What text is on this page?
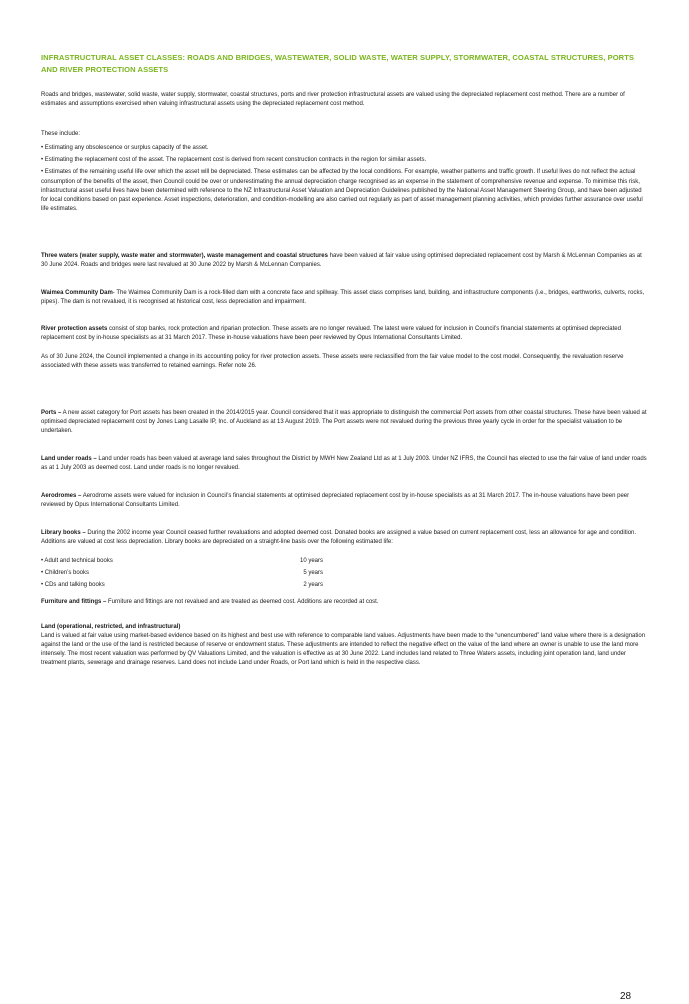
INFRASTRUCTURAL ASSET CLASSES: ROADS AND BRIDGES, WASTEWATER, SOLID WASTE, WATER SUPPLY, STORMWATER, COASTAL STRUCTURES, PORTS AND RIVER PROTECTION ASSETS

Roads and bridges, wastewater, solid waste, water supply, stormwater, coastal structures, ports and river protection infrastructural assets are valued using the depreciated replacement cost method. There are a number of estimates and assumptions exercised when valuing infrastructural assets using the depreciated replacement cost method.

These include:

• Estimating any obsolescence or surplus capacity of the asset.

• Estimating the replacement cost of the asset. The replacement cost is derived from recent construction contracts in the region for similar assets.

• Estimates of the remaining useful life over which the asset will be depreciated. These estimates can be affected by the local conditions. For example, weather patterns and traffic growth. If useful lives do not reflect the actual consumption of the benefits of the asset, then Council could be over or underestimating the annual depreciation charge recognised as an expense in the statement of comprehensive revenue and expense. To minimise this risk, infrastructural asset useful lives have been determined with reference to the NZ Infrastructural Asset Valuation and Depreciation Guidelines published by the National Asset Management Steering Group, and have been adjusted for local conditions based on past experience. Asset inspections, deterioration, and condition-modelling are also carried out regularly as part of asset management planning activities, which provides further assurance over useful life estimates.

Three waters (water supply, waste water and stormwater), waste management and coastal structures have been valued at fair value using optimised depreciated replacement cost by Marsh & McLennan Companies as at 30 June 2024. Roads and bridges were last revalued at 30 June 2022 by Marsh & McLennan Companies.

Waimea Community Dam- The Waimea Community Dam is a rock-filled dam with a concrete face and spillway. This asset class comprises land, building, and infrastructure components (i.e., bridges, earthworks, culverts, rocks, pipes). The dam is not revalued, it is recognised at historical cost, less depreciation and impairment.

River protection assets consist of stop banks, rock protection and riparian protection. These assets are no longer revalued. The latest were valued for inclusion in Council’s financial statements at optimised depreciated replacement cost by in-house specialists as at 31 March 2017. These in-house valuations have been peer reviewed by Opus International Consultants Limited.

As of 30 June 2024, the Council implemented a change in its accounting policy for river protection assets. These assets were reclassified from the fair value model to the cost model. Consequently, the revaluation reserve associated with these assets was transferred to retained earnings. Refer note 26.

Ports – A new asset category for Port assets has been created in the 2014/2015 year. Council considered that it was appropriate to distinguish the commercial Port assets from other coastal structures. These have been valued at optimised depreciated replacement cost by Jones Lang Lasalle IP, Inc. of Auckland as at 13 August 2019. The Port assets were not revalued during the previous three yearly cycle in order for the specialist valuation to be undertaken.

Land under roads – Land under roads has been valued at average land sales throughout the District by MWH New Zealand Ltd as at 1 July 2003. Under NZ IFRS, the Council has elected to use the fair value of land under roads as at 1 July 2003 as deemed cost. Land under roads is no longer revalued.

Aerodromes – Aerodrome assets were valued for inclusion in Council’s financial statements at optimised depreciated replacement cost by in-house specialists as at 31 March 2017. The in-house valuations have been peer reviewed by Opus International Consultants Limited.

Library books – During the 2002 income year Council ceased further revaluations and adopted deemed cost. Donated books are assigned a value based on current replacement cost, less an allowance for age and condition. Additions are valued at cost less depreciation. Library books are depreciated on a straight-line basis over the following estimated life:

• Adult and technical books	10 years
• Children’s books	5 years
• CDs and talking books	2 years

Furniture and fittings – Furniture and fittings are not revalued and are treated as deemed cost. Additions are recorded at cost.

Land (operational, restricted, and infrastructural)

Land is valued at fair value using market-based evidence based on its highest and best use with reference to comparable land values. Adjustments have been made to the “unencumbered” land value where there is a designation against the land or the use of the land is restricted because of reserve or endowment status. These adjustments are intended to reflect the negative effect on the value of the land where an owner is unable to use the land more intensely. The most recent valuation was performed by QV Valuations Limited, and the valuation is effective as at 30 June 2022. Land includes land related to Three Waters assets, including joint operation land, land under treatment plants, sewerage and drainage reserves. Land does not include Land under Roads, or Port land which is held in the respective class.

28
